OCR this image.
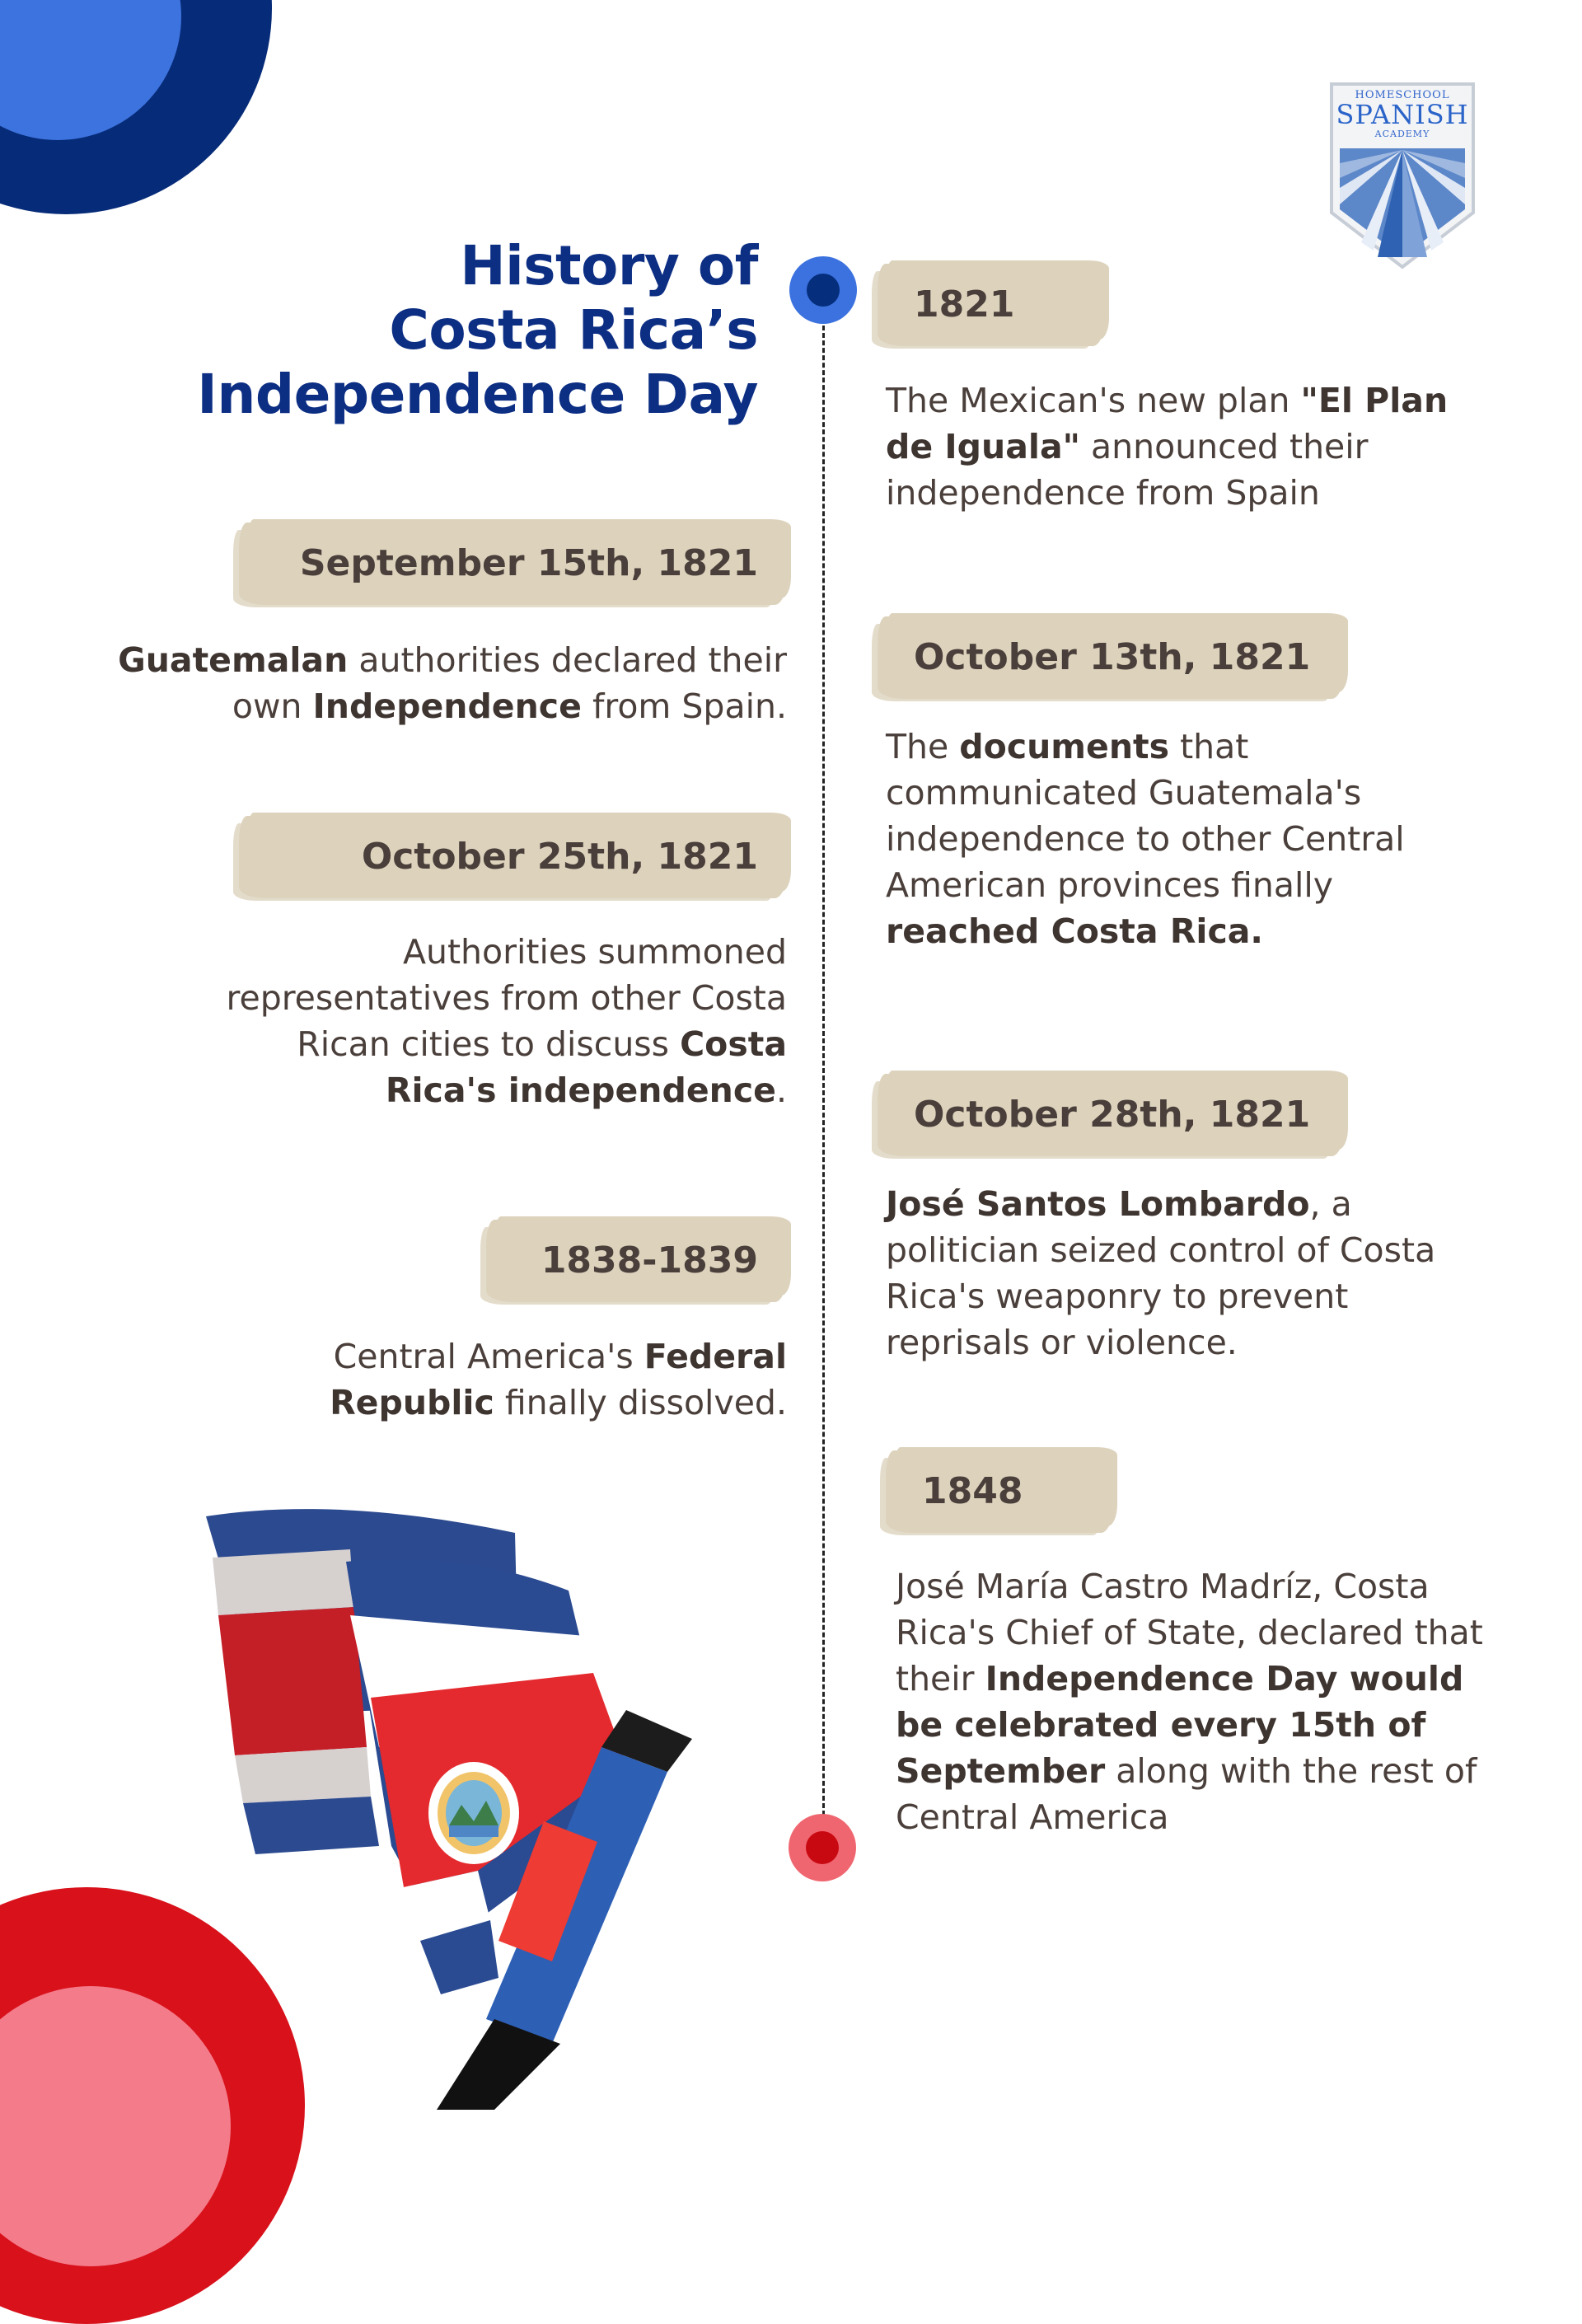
HOMESCHOOL
SPANISH
ACADEMY
History of
Costa Rica’s
Independence Day
September 15th, 1821
Guatemalan authorities declared their own Independence from Spain.
October 25th, 1821
Authorities summoned representatives from other Costa Rican cities to discuss Costa Rica's independence.
1838-1839
Central America's Federal Republic finally dissolved.
1821
The Mexican's new plan "El Plan de Iguala" announced their independence from Spain
October 13th, 1821
The documents that communicated Guatemala's independence to other Central American provinces finally reached Costa Rica.
October 28th, 1821
José Santos Lombardo, a politician seized control of Costa Rica's weaponry to prevent reprisals or violence.
1848
José María Castro Madríz, Costa Rica's Chief of State, declared that their Independence Day would be celebrated every 15th of September along with the rest of Central America
